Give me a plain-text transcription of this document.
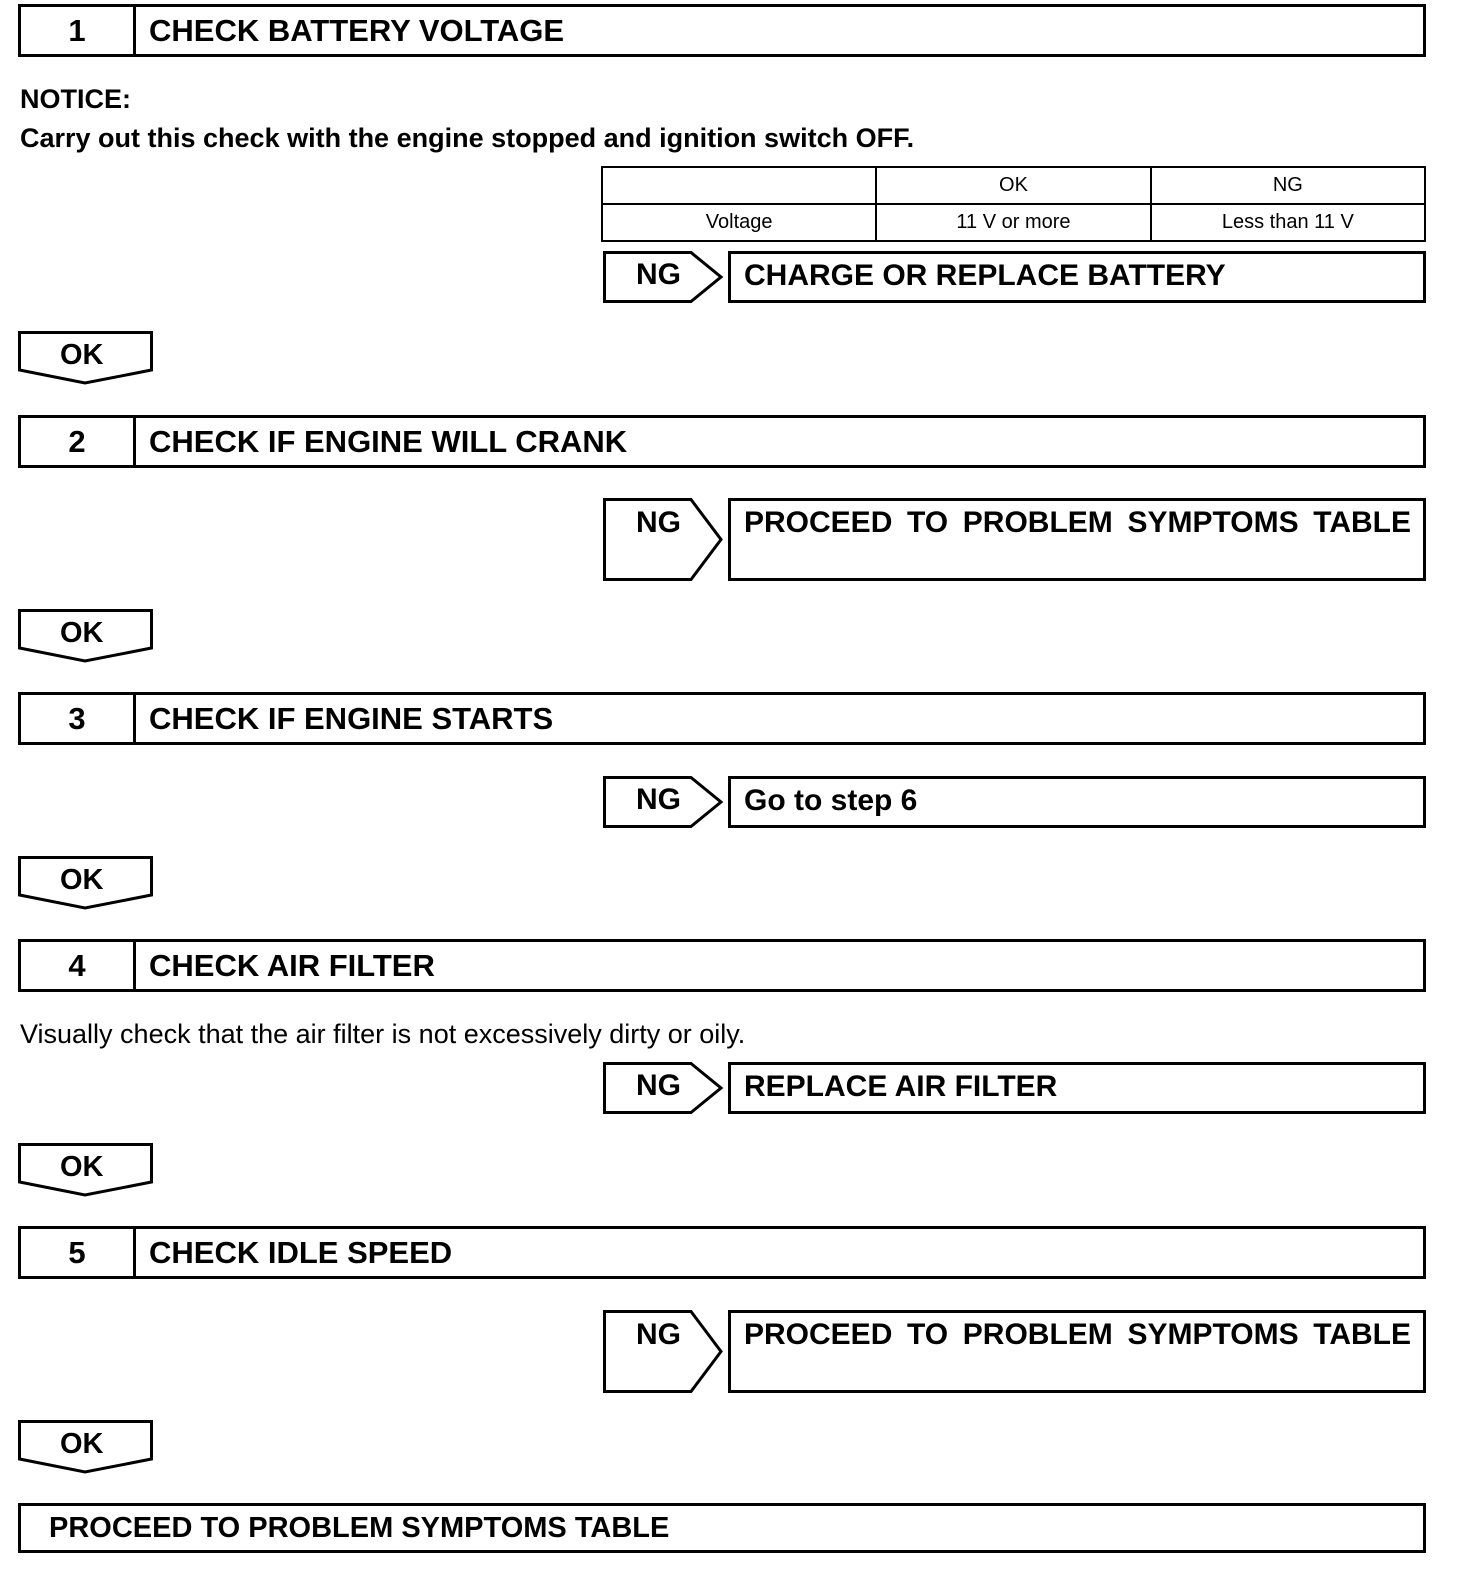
1	CHECK BATTERY VOLTAGE
NOTICE:
Carry out this check with the engine stopped and ignition switch OFF.
	OK	NG
Voltage	11 V or more	Less than 11 V
NG	CHARGE OR REPLACE BATTERY
OK
2	CHECK IF ENGINE WILL CRANK
NG PROCEED TO PROBLEM SYMPTOMS TABLE
OK
3	CHECK IF ENGINE STARTS
NG	Go to step 6
OK
4	CHECK AIR FILTER
Visually check that the air filter is not excessively dirty or oily.
NG	REPLACE AIR FILTER
OK
5	CHECK IDLE SPEED
NG PROCEED TO PROBLEM SYMPTOMS TABLE
OK
PROCEED TO PROBLEM SYMPTOMS TABLE
